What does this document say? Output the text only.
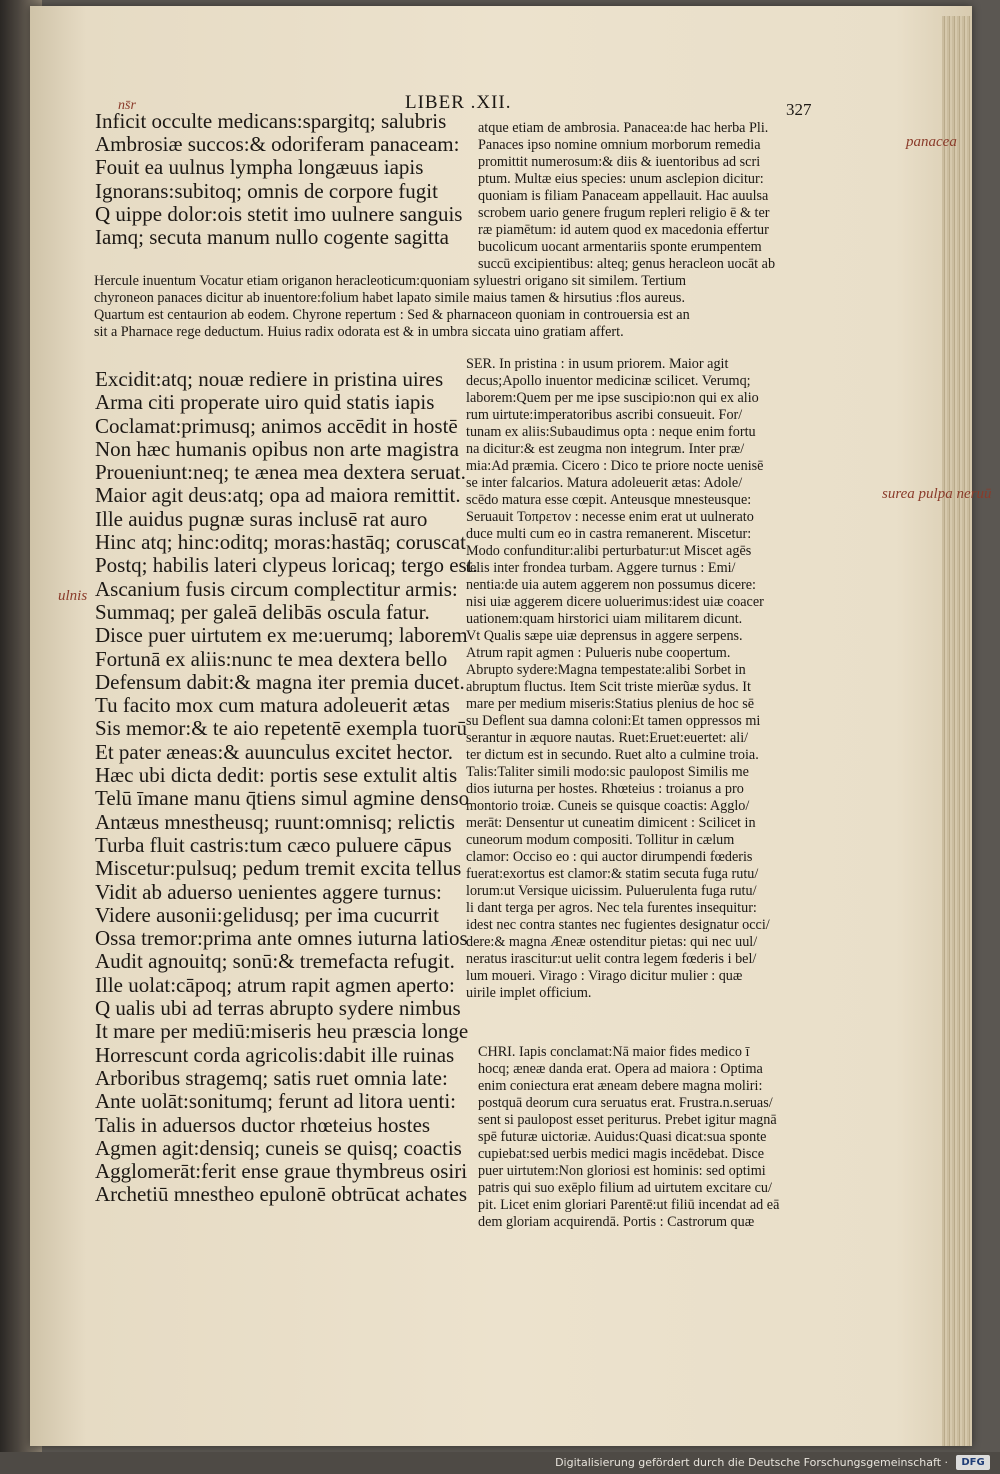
ns̄r	LIBER .XII.	327
Inficit occulte medicans:spargitq; salubris
Ambrosiæ succos:& odoriferam panaceam:
Fouit ea uulnus lympha longæuus iapis
Ignorans:subitoq; omnis de corpore fugit
Q uippe dolor:ois stetit imo uulnere sanguis
Iamq; secuta manum nullo cogente sagitta
atque etiam de ambrosia. Panacea:de hac herba Pli.
Panaces ipso nomine omnium morborum remedia
promittit numerosum:& diis & iuentoribus ad scri
ptum. Multæ eius species: unum asclepion dicitur:
quoniam is filiam Panaceam appellauit. Hac auulsa
scrobem uario genere frugum repleri religio ē & ter
ræ piamētum: id autem quod ex macedonia effertur
bucolicum uocant armentariis sponte erumpentem
succū excipientibus: alteq; genus heracleon uocāt ab
Hercule inuentum Vocatur etiam origanon heracleoticum:quoniam syluestri origano sit similem. Tertium
chyroneon panaces dicitur ab inuentore:folium habet lapato simile maius tamen & hirsutius :flos aureus.
Quartum est centaurion ab eodem. Chyrone repertum : Sed & pharnaceon quoniam in controuersia est an
sit a Pharnace rege deductum. Huius radix odorata est & in umbra siccata uino gratiam affert.
Excidit:atq; nouæ rediere in pristina uires
Arma citi properate uiro quid statis iapis
Coclamat:primusq; animos accēdit in hostē
Non hæc humanis opibus non arte magistra
Proueniunt:neq; te ænea mea dextera seruat.
Maior agit deus:atq; opa ad maiora remittit.
Ille auidus pugnæ suras inclusē rat auro
Hinc atq; hinc:oditq; moras:hastāq; coruscat
Postq; habilis lateri clypeus loricaq; tergo est.
Ascanium fusis circum complectitur armis:
Summaq; per galeā delibās oscula fatur.
Disce puer uirtutem ex me:uerumq; laborem
Fortunā ex aliis:nunc te mea dextera bello
Defensum dabit:& magna iter premia ducet.
Tu facito mox cum matura adoleuerit ætas
Sis memor:& te aio repetentē exempla tuorū
Et pater æneas:& auunculus excitet hector.
Hæc ubi dicta dedit: portis sese extulit altis
Telū īmane manu q̄tiens simul agmine denso
Antæus mnestheusq; ruunt:omnisq; relictis
Turba fluit castris:tum cæco puluere cāpus
Miscetur:pulsuq; pedum tremit excita tellus
Vidit ab aduerso uenientes aggere turnus:
Videre ausonii:gelidusq; per ima cucurrit
Ossa tremor:prima ante omnes iuturna latios
Audit agnouitq; sonū:& tremefacta refugit.
Ille uolat:cāpoq; atrum rapit agmen aperto:
Q ualis ubi ad terras abrupto sydere nimbus
It mare per mediū:miseris heu præscia longe
Horrescunt corda agricolis:dabit ille ruinas
Arboribus stragemq; satis ruet omnia late:
Ante uolāt:sonitumq; ferunt ad litora uenti:
Talis in aduersos ductor rhœteius hostes
Agmen agit:densiq; cuneis se quisq; coactis
Agglomerāt:ferit ense graue thymbreus osiri
Archetiū mnestheo epulonē obtrūcat achates
SER. In pristina : in usum priorem. Maior agit
decus;Apollo inuentor medicinæ scilicet. Verumq;
laborem:Quem per me ipse suscipio:non qui ex alio
rum uirtute:imperatoribus ascribi consueuit. For/
tunam ex aliis:Subaudimus opta : neque enim fortu
na dicitur:& est zeugma non integrum. Inter præ/
mia:Ad præmia. Cicero : Dico te priore nocte uenisē
se inter falcarios. Matura adoleuerit ætas: Adole/
scēdo matura esse cœpit. Anteusque mnesteusque:
Seruauit Τοπρετον : necesse enim erat ut uulnerato
duce multi cum eo in castra remanerent. Miscetur:
Modo confunditur:alibi perturbatur:ut Miscet agēs
telis inter frondea turbam. Aggere turnus : Emi/
nentia:de uia autem aggerem non possumus dicere:
nisi uiæ aggerem dicere uoluerimus:idest uiæ coacer
uationem:quam hirstorici uiam militarem dicunt.
Vt Qualis sæpe uiæ deprensus in aggere serpens.
Atrum rapit agmen : Pulueris nube coopertum.
Abrupto sydere:Magna tempestate:alibi Sorbet in
abruptum fluctus. Item Scit triste mierũæ sydus. It
mare per medium miseris:Statius plenius de hoc sē
su Deflent sua damna coloni:Et tamen oppressos mi
serantur in æquore nautas. Ruet:Eruet:euertet: ali/
ter dictum est in secundo. Ruet alto a culmine troia.
Talis:Taliter simili modo:sic paulopost Similis me
dios iuturna per hostes. Rhœteius : troianus a pro
montorio troiæ. Cuneis se quisque coactis: Agglo/
merāt: Densentur ut cuneatim dimicent : Scilicet in
cuneorum modum compositi. Tollitur in cælum
clamor: Occiso eo : qui auctor dirumpendi fœderis
fuerat:exortus est clamor:& statim secuta fuga rutu/
lorum:ut Versique uicissim. Puluerulenta fuga rutu/
li dant terga per agros. Nec tela furentes insequitur:
idest nec contra stantes nec fugientes designatur occi/
dere:& magna Æneæ ostenditur pietas: qui nec uul/
neratus irascitur:ut uelit contra legem fœderis i bel/
lum moueri. Virago : Virago dicitur mulier : quæ
uirile implet officium.
CHRI. Iapis conclamat:Nā maior fides medico ī
hocq; æneæ danda erat. Opera ad maiora : Optima
enim coniectura erat æneam debere magna moliri:
postquā deorum cura seruatus erat. Frustra.n.seruas/
sent si paulopost esset periturus. Prebet igitur magnā
spē futuræ uictoriæ. Auidus:Quasi dicat:sua sponte
cupiebat:sed uerbis medici magis incēdebat. Disce
puer uirtutem:Non gloriosi est hominis: sed optimi
patris qui suo exēplo filium ad uirtutem excitare cu/
pit. Licet enim gloriari Parentē:ut filiū incendat ad eā
dem gloriam acquirendā. Portis : Castrorum quæ
panacea
surea pulpa neruū
ulnis
Digitalisierung gefördert durch die Deutsche Forschungsgemeinschaft ·	DFG
